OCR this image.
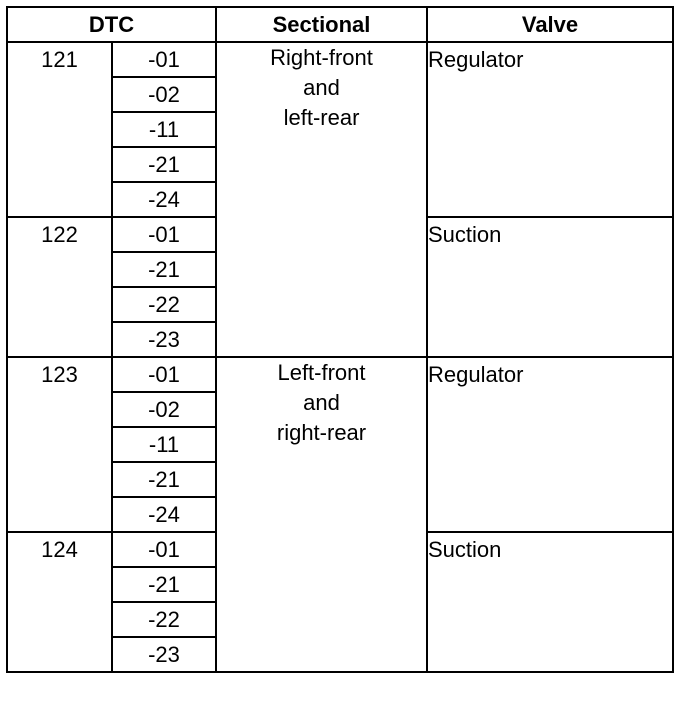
DTC		Sectional	Valve
121	-01	Right-front
and
left-rear	Regulator
	-02		
	-11		
	-21		
	-24		
122	-01		Suction
	-21		
	-22		
	-23		
123	-01	Left-front
and
right-rear	Regulator
	-02		
	-11		
	-21		
	-24		
124	-01		Suction
	-21		
	-22		
	-23		
